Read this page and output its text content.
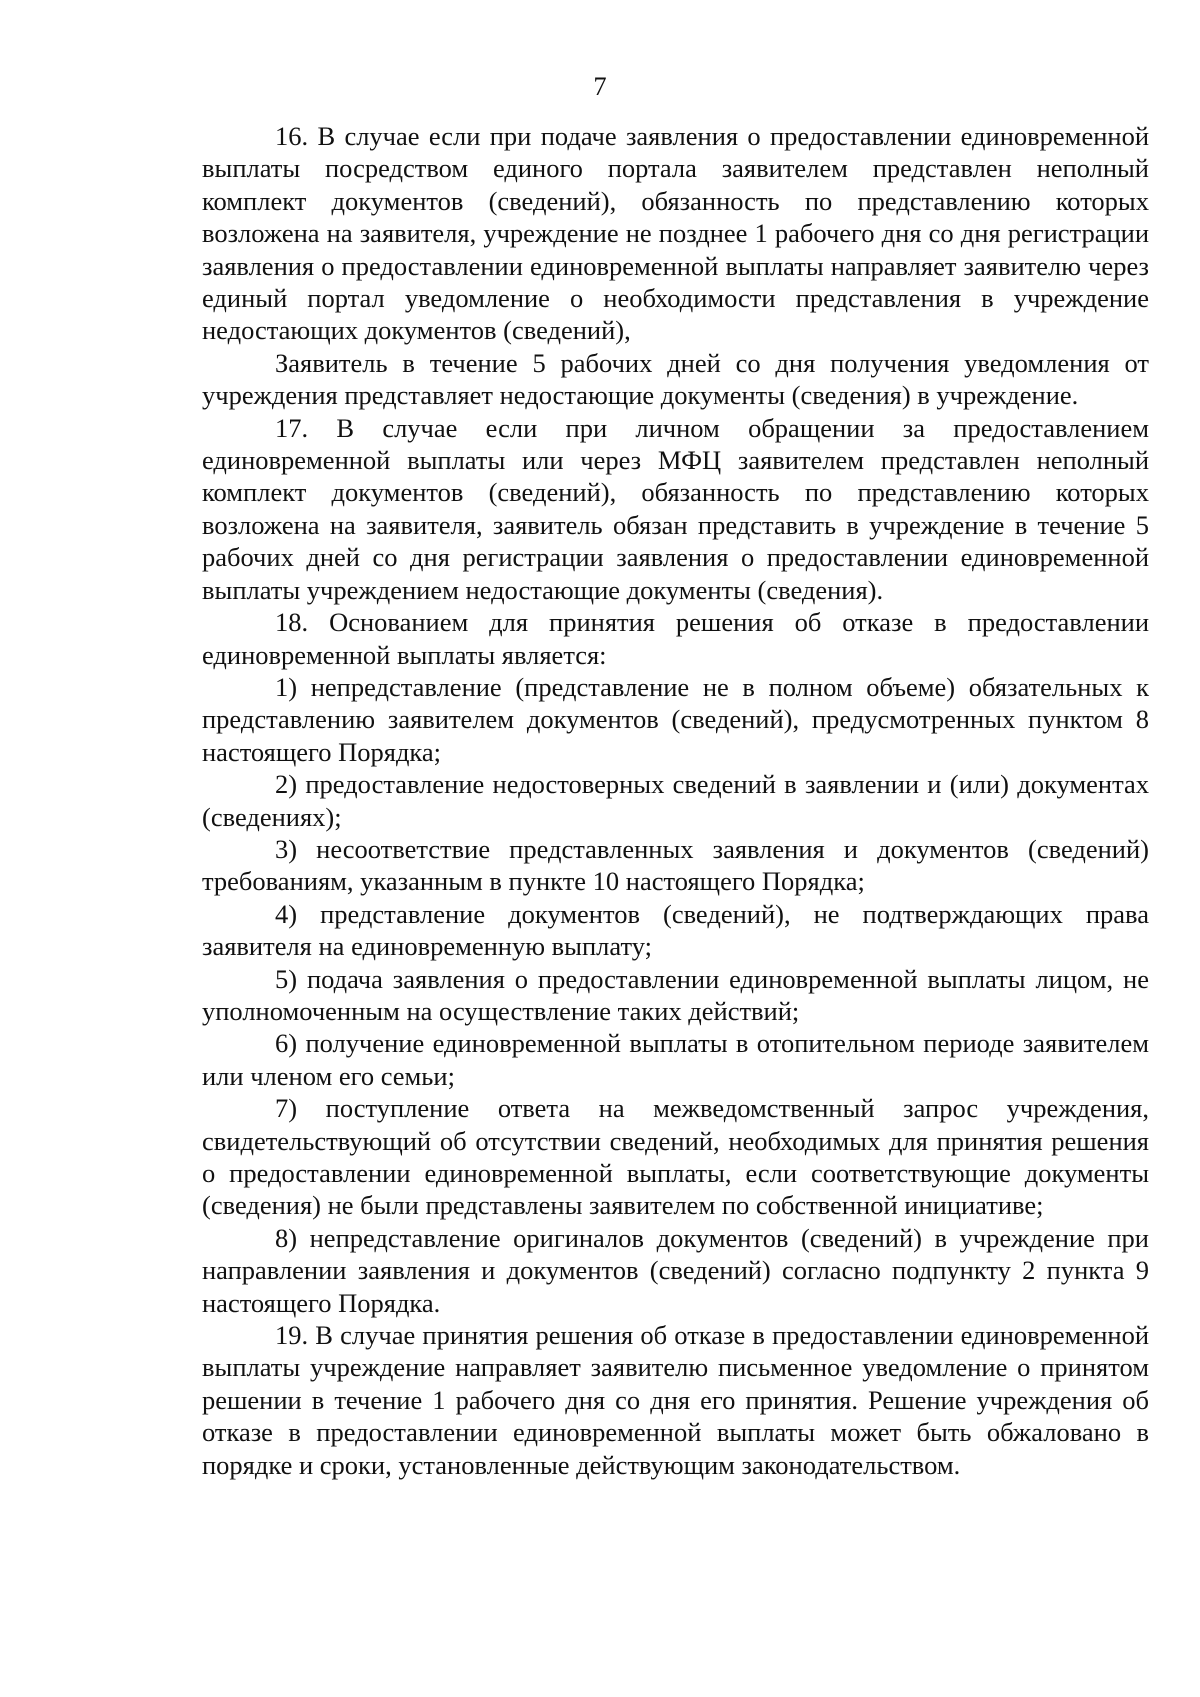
7

16. В случае если при подаче заявления о предоставлении единовременной выплаты посредством единого портала заявителем представлен неполный комплект документов (сведений), обязанность по представлению которых возложена на заявителя, учреждение не позднее 1 рабочего дня со дня регистрации заявления о предоставлении единовременной выплаты направляет заявителю через единый портал уведомление о необходимости представления в учреждение недостающих документов (сведений),

Заявитель в течение 5 рабочих дней со дня получения уведомления от учреждения представляет недостающие документы (сведения) в учреждение.

17. В случае если при личном обращении за предоставлением единовременной выплаты или через МФЦ заявителем представлен неполный комплект документов (сведений), обязанность по представлению которых возложена на заявителя, заявитель обязан представить в учреждение в течение 5 рабочих дней со дня регистрации заявления о предоставлении единовременной выплаты учреждением недостающие документы (сведения).

18. Основанием для принятия решения об отказе в предоставлении единовременной выплаты является:

1) непредставление (представление не в полном объеме) обязательных к представлению заявителем документов (сведений), предусмотренных пунктом 8 настоящего Порядка;

2) предоставление недостоверных сведений в заявлении и (или) документах (сведениях);

3) несоответствие представленных заявления и документов (сведений) требованиям, указанным в пункте 10 настоящего Порядка;

4) представление документов (сведений), не подтверждающих права заявителя на единовременную выплату;

5) подача заявления о предоставлении единовременной выплаты лицом, не уполномоченным на осуществление таких действий;

6) получение единовременной выплаты в отопительном периоде заявителем или членом его семьи;

7) поступление ответа на межведомственный запрос учреждения, свидетельствующий об отсутствии сведений, необходимых для принятия решения о предоставлении единовременной выплаты, если соответствующие документы (сведения) не были представлены заявителем по собственной инициативе;

8) непредставление оригиналов документов (сведений) в учреждение при направлении заявления и документов (сведений) согласно подпункту 2 пункта 9 настоящего Порядка.

19. В случае принятия решения об отказе в предоставлении единовременной выплаты учреждение направляет заявителю письменное уведомление о принятом решении в течение 1 рабочего дня со дня его принятия. Решение учреждения об отказе в предоставлении единовременной выплаты может быть обжаловано в порядке и сроки, установленные действующим законодательством.
